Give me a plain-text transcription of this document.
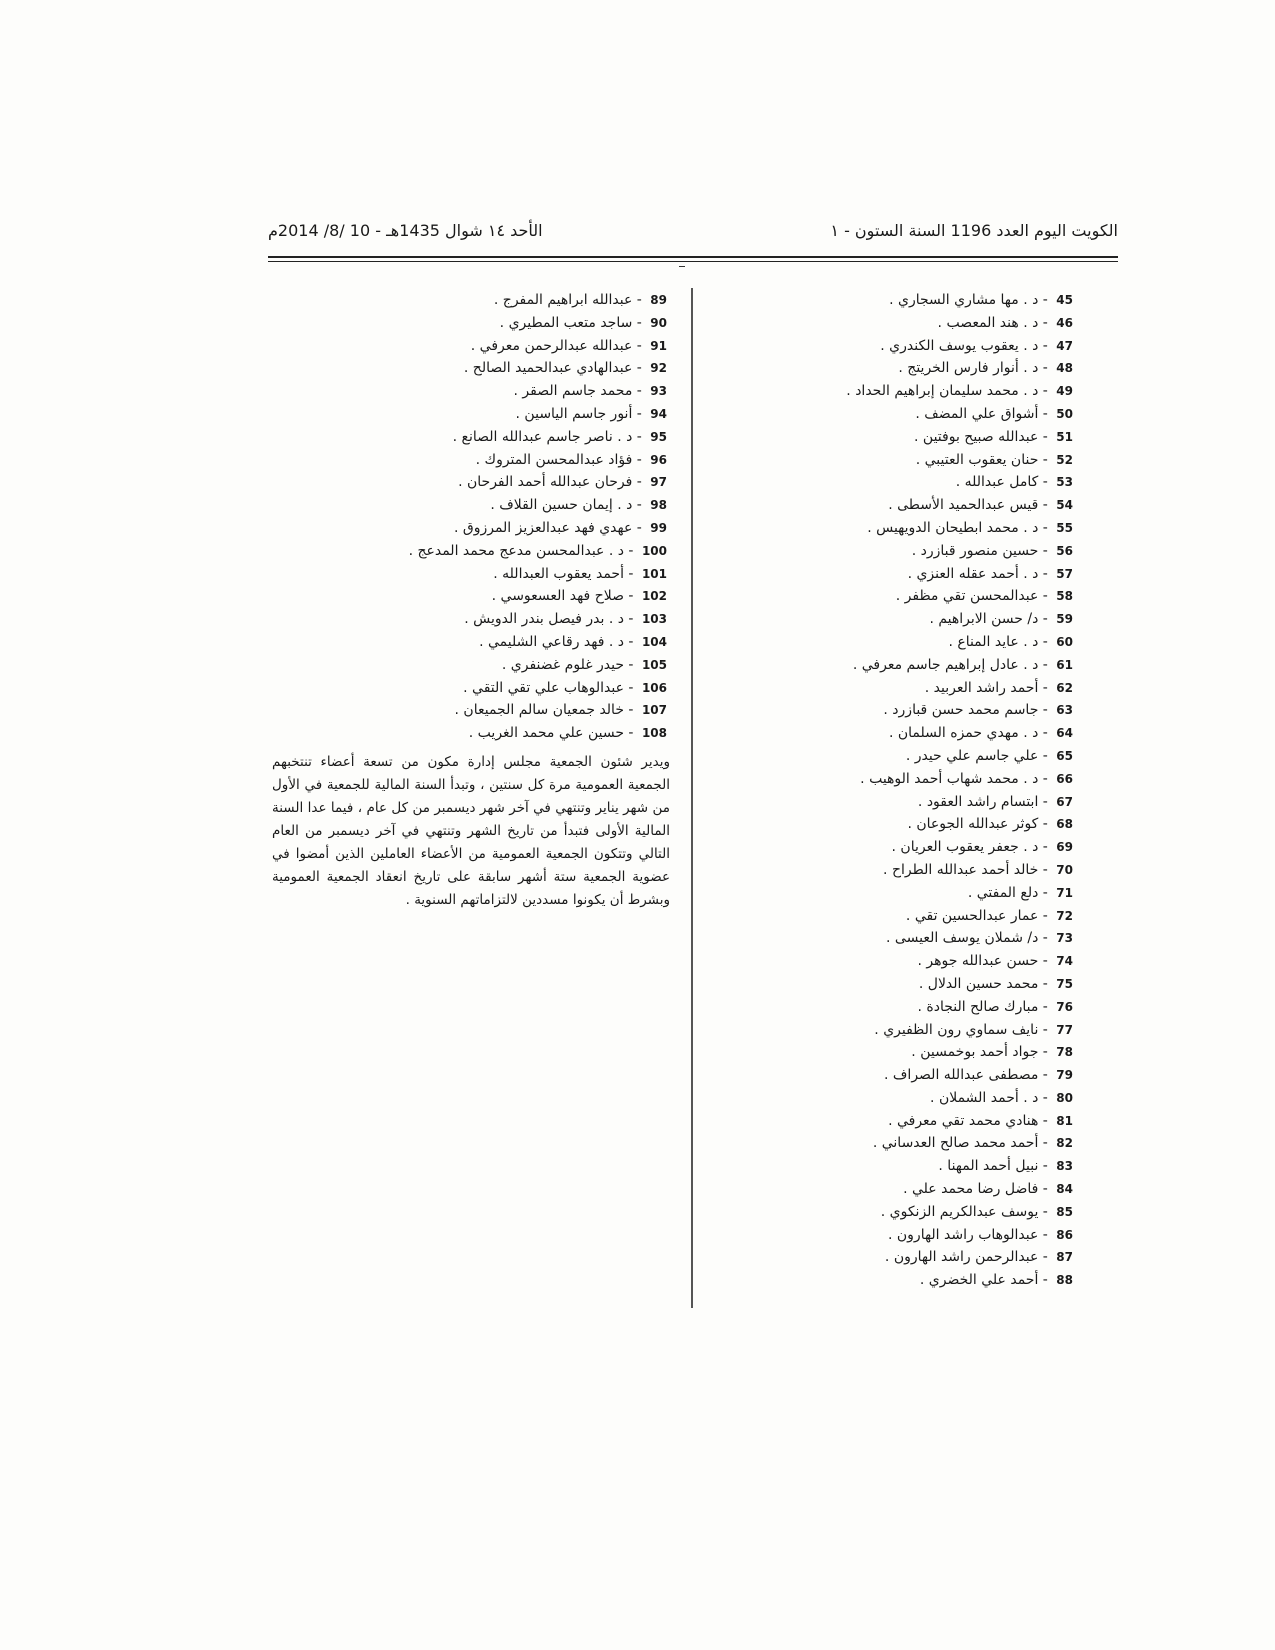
الكويت اليوم العدد 1196 السنة الستون - ١
الأحد ١٤ شوال 1435هـ - 10 /8/ 2014م
45 - د . مها مشاري السجاري .
46 - د . هند المعصب .
47 - د . يعقوب يوسف الكندري .
48 - د . أنوار فارس الخريتج .
49 - د . محمد سليمان إبراهيم الحداد .
50 - أشواق علي المضف .
51 - عبدالله صبيح بوفتين .
52 - حنان يعقوب العتيبي .
53 - كامل عبدالله .
54 - قيس عبدالحميد الأسطى .
55 - د . محمد ابطيحان الدويهيس .
56 - حسين منصور قبازرد .
57 - د . أحمد عقله العنزي .
58 - عبدالمحسن تقي مظفر .
59 - د/ حسن الابراهيم .
60 - د . عايد المناع .
61 - د . عادل إبراهيم جاسم معرفي .
62 - أحمد راشد العربيد .
63 - جاسم محمد حسن قبازرد .
64 - د . مهدي حمزه السلمان .
65 - علي جاسم علي حيدر .
66 - د . محمد شهاب أحمد الوهيب .
67 - ابتسام راشد العقود .
68 - كوثر عبدالله الجوعان .
69 - د . جعفر يعقوب العريان .
70 - خالد أحمد عبدالله الطراح .
71 - دلع المفتي .
72 - عمار عبدالحسين تقي .
73 - د/ شملان يوسف العيسى .
74 - حسن عبدالله جوهر .
75 - محمد حسين الدلال .
76 - مبارك صالح النجادة .
77 - نايف سماوي رون الظفيري .
78 - جواد أحمد بوخمسين .
79 - مصطفى عبدالله الصراف .
80 - د . أحمد الشملان .
81 - هنادي محمد تقي معرفي .
82 - أحمد محمد صالح العدساني .
83 - نبيل أحمد المهنا .
84 - فاضل رضا محمد علي .
85 - يوسف عبدالكريم الزنكوي .
86 - عبدالوهاب راشد الهارون .
87 - عبدالرحمن راشد الهارون .
88 - أحمد علي الخضري .
89 - عبدالله ابراهيم المفرج .
90 - ساجد متعب المطيري .
91 - عبدالله عبدالرحمن معرفي .
92 - عبدالهادي عبدالحميد الصالح .
93 - محمد جاسم الصقر .
94 - أنور جاسم الياسين .
95 - د . ناصر جاسم عبدالله الصانع .
96 - فؤاد عبدالمحسن المتروك .
97 - فرحان عبدالله أحمد الفرحان .
98 - د . إيمان حسين القلاف .
99 - عهدي فهد عبدالعزيز المرزوق .
100 - د . عبدالمحسن مدعج محمد المدعج .
101 - أحمد يعقوب العبدالله .
102 - صلاح فهد العسعوسي .
103 - د . بدر فيصل بندر الدويش .
104 - د . فهد رقاعي الشليمي .
105 - حيدر غلوم غضنفري .
106 - عبدالوهاب علي تقي التقي .
107 - خالد جمعيان سالم الجميعان .
108 - حسين علي محمد الغريب .

ويدير شئون الجمعية مجلس إدارة مكون من تسعة أعضاء تنتخبهم الجمعية العمومية مرة كل سنتين ، وتبدأ السنة المالية للجمعية في الأول من شهر يناير وتنتهي في آخر شهر ديسمبر من كل عام ، فيما عدا السنة المالية الأولى فتبدأ من تاريخ الشهر وتنتهي في آخر ديسمبر من العام التالي وتتكون الجمعية العمومية من الأعضاء العاملين الذين أمضوا في عضوية الجمعية ستة أشهر سابقة على تاريخ انعقاد الجمعية العمومية وبشرط أن يكونوا مسددين لالتزاماتهم السنوية .
